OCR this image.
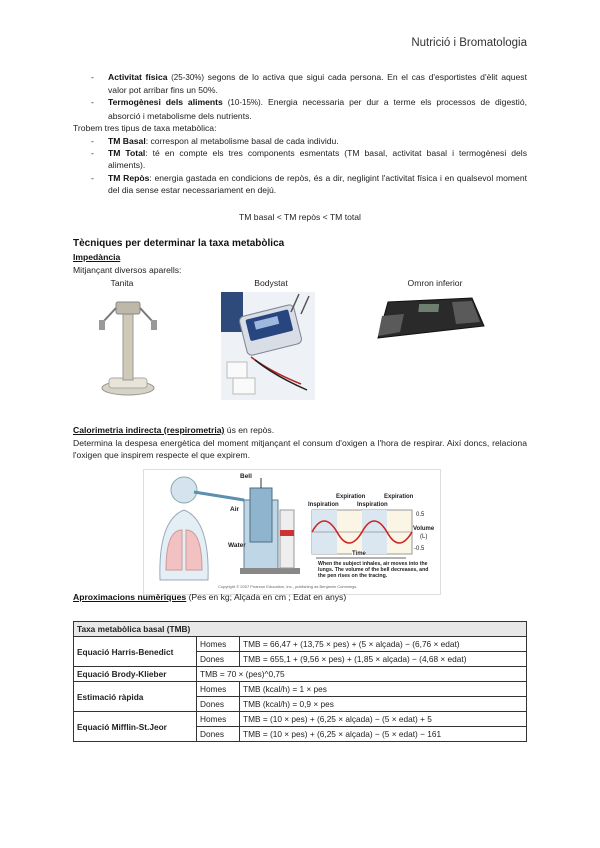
Nutrició i Bromatologia
- Activitat física (25-30%) segons de lo activa que sigui cada persona. En el cas d'esportistes d'èlit aquest valor pot arribar fins un 50%.
- Termogènesi dels aliments (10-15%). Energia necessaria per dur a terme els processos de digestió, absorció i metabolisme dels nutrients.
Trobem tres tipus de taxa metabòlica:
- TM Basal: correspon al metabolisme basal de cada individu.
- TM Total: té en compte els tres components esmentats (TM basal, activitat basal i termogènesi dels aliments).
- TM Repòs: energia gastada en condicions de repòs, és a dir, negligint l'activitat física i en qualsevol moment del dia sense estar necessariament en dejú.
TM basal < TM repòs < TM total
Tècniques per determinar la taxa metabòlica
Impedància
Mitjançant diversos aparells:
Tanita	Bodystat	Omron inferior
Calorimetria indirecta (respirometria) ús en repòs.
Determina la despesa energètica del moment mitjançant el consum d'oxigen a l'hora de respirar. Així doncs, relaciona l'oxigen que inspirem respecte el que expirem.
Bell
Air
Water
Expiration	Expiration
Inspiration	Inspiration
0.5
Volume
(L)
-0.5
Time
When the subject inhales, air moves into the lungs. The volume of the bell decreases, and the pen rises on the tracing.
Copyright © 2007 Pearson Education, Inc., publishing as Benjamin Cummings
Aproximacions numèriques (Pes en kg; Alçada en cm ; Edat en anys)
Taxa metabòlica basal (TMB)		
Equació Harris-Benedict	Homes	TMB = 66,47 + (13,75 × pes) + (5 × alçada) − (6,76 × edat)
	Dones	TMB = 655,1 + (9,56 × pes) + (1,85 × alçada) − (4,68 × edat)
Equació Brody-Klieber	TMB = 70 × (pes)^0,75	
Estimació ràpida	Homes	TMB (kcal/h) = 1 × pes
	Dones	TMB (kcal/h) = 0,9 × pes
Equació Mifflin-St.Jeor	Homes	TMB = (10 × pes) + (6,25 × alçada) − (5 × edat) + 5
	Dones	TMB = (10 × pes) + (6,25 × alçada) − (5 × edat) − 161
